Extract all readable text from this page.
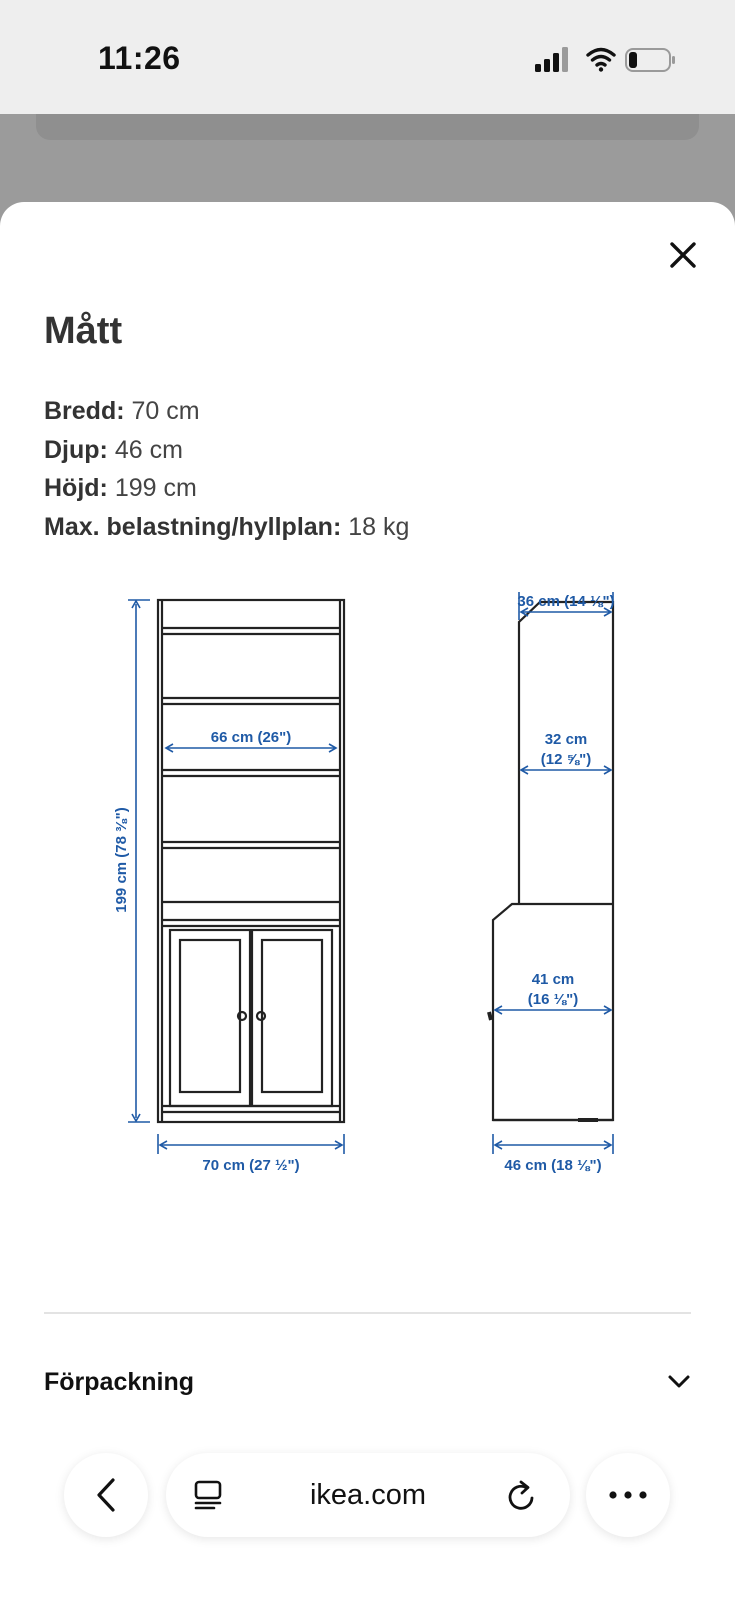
11:26
Mått
Bredd: 70 cm
Djup: 46 cm
Höjd: 199 cm
Max. belastning/hyllplan: 18 kg
199 cm (78 ⅜")
66 cm (26")
70 cm (27 ½")
36 cm (14 ⅛")
32 cm
(12 ⅝")
41 cm
(16 ⅛")
46 cm (18 ⅛")
Förpackning
ikea.com
